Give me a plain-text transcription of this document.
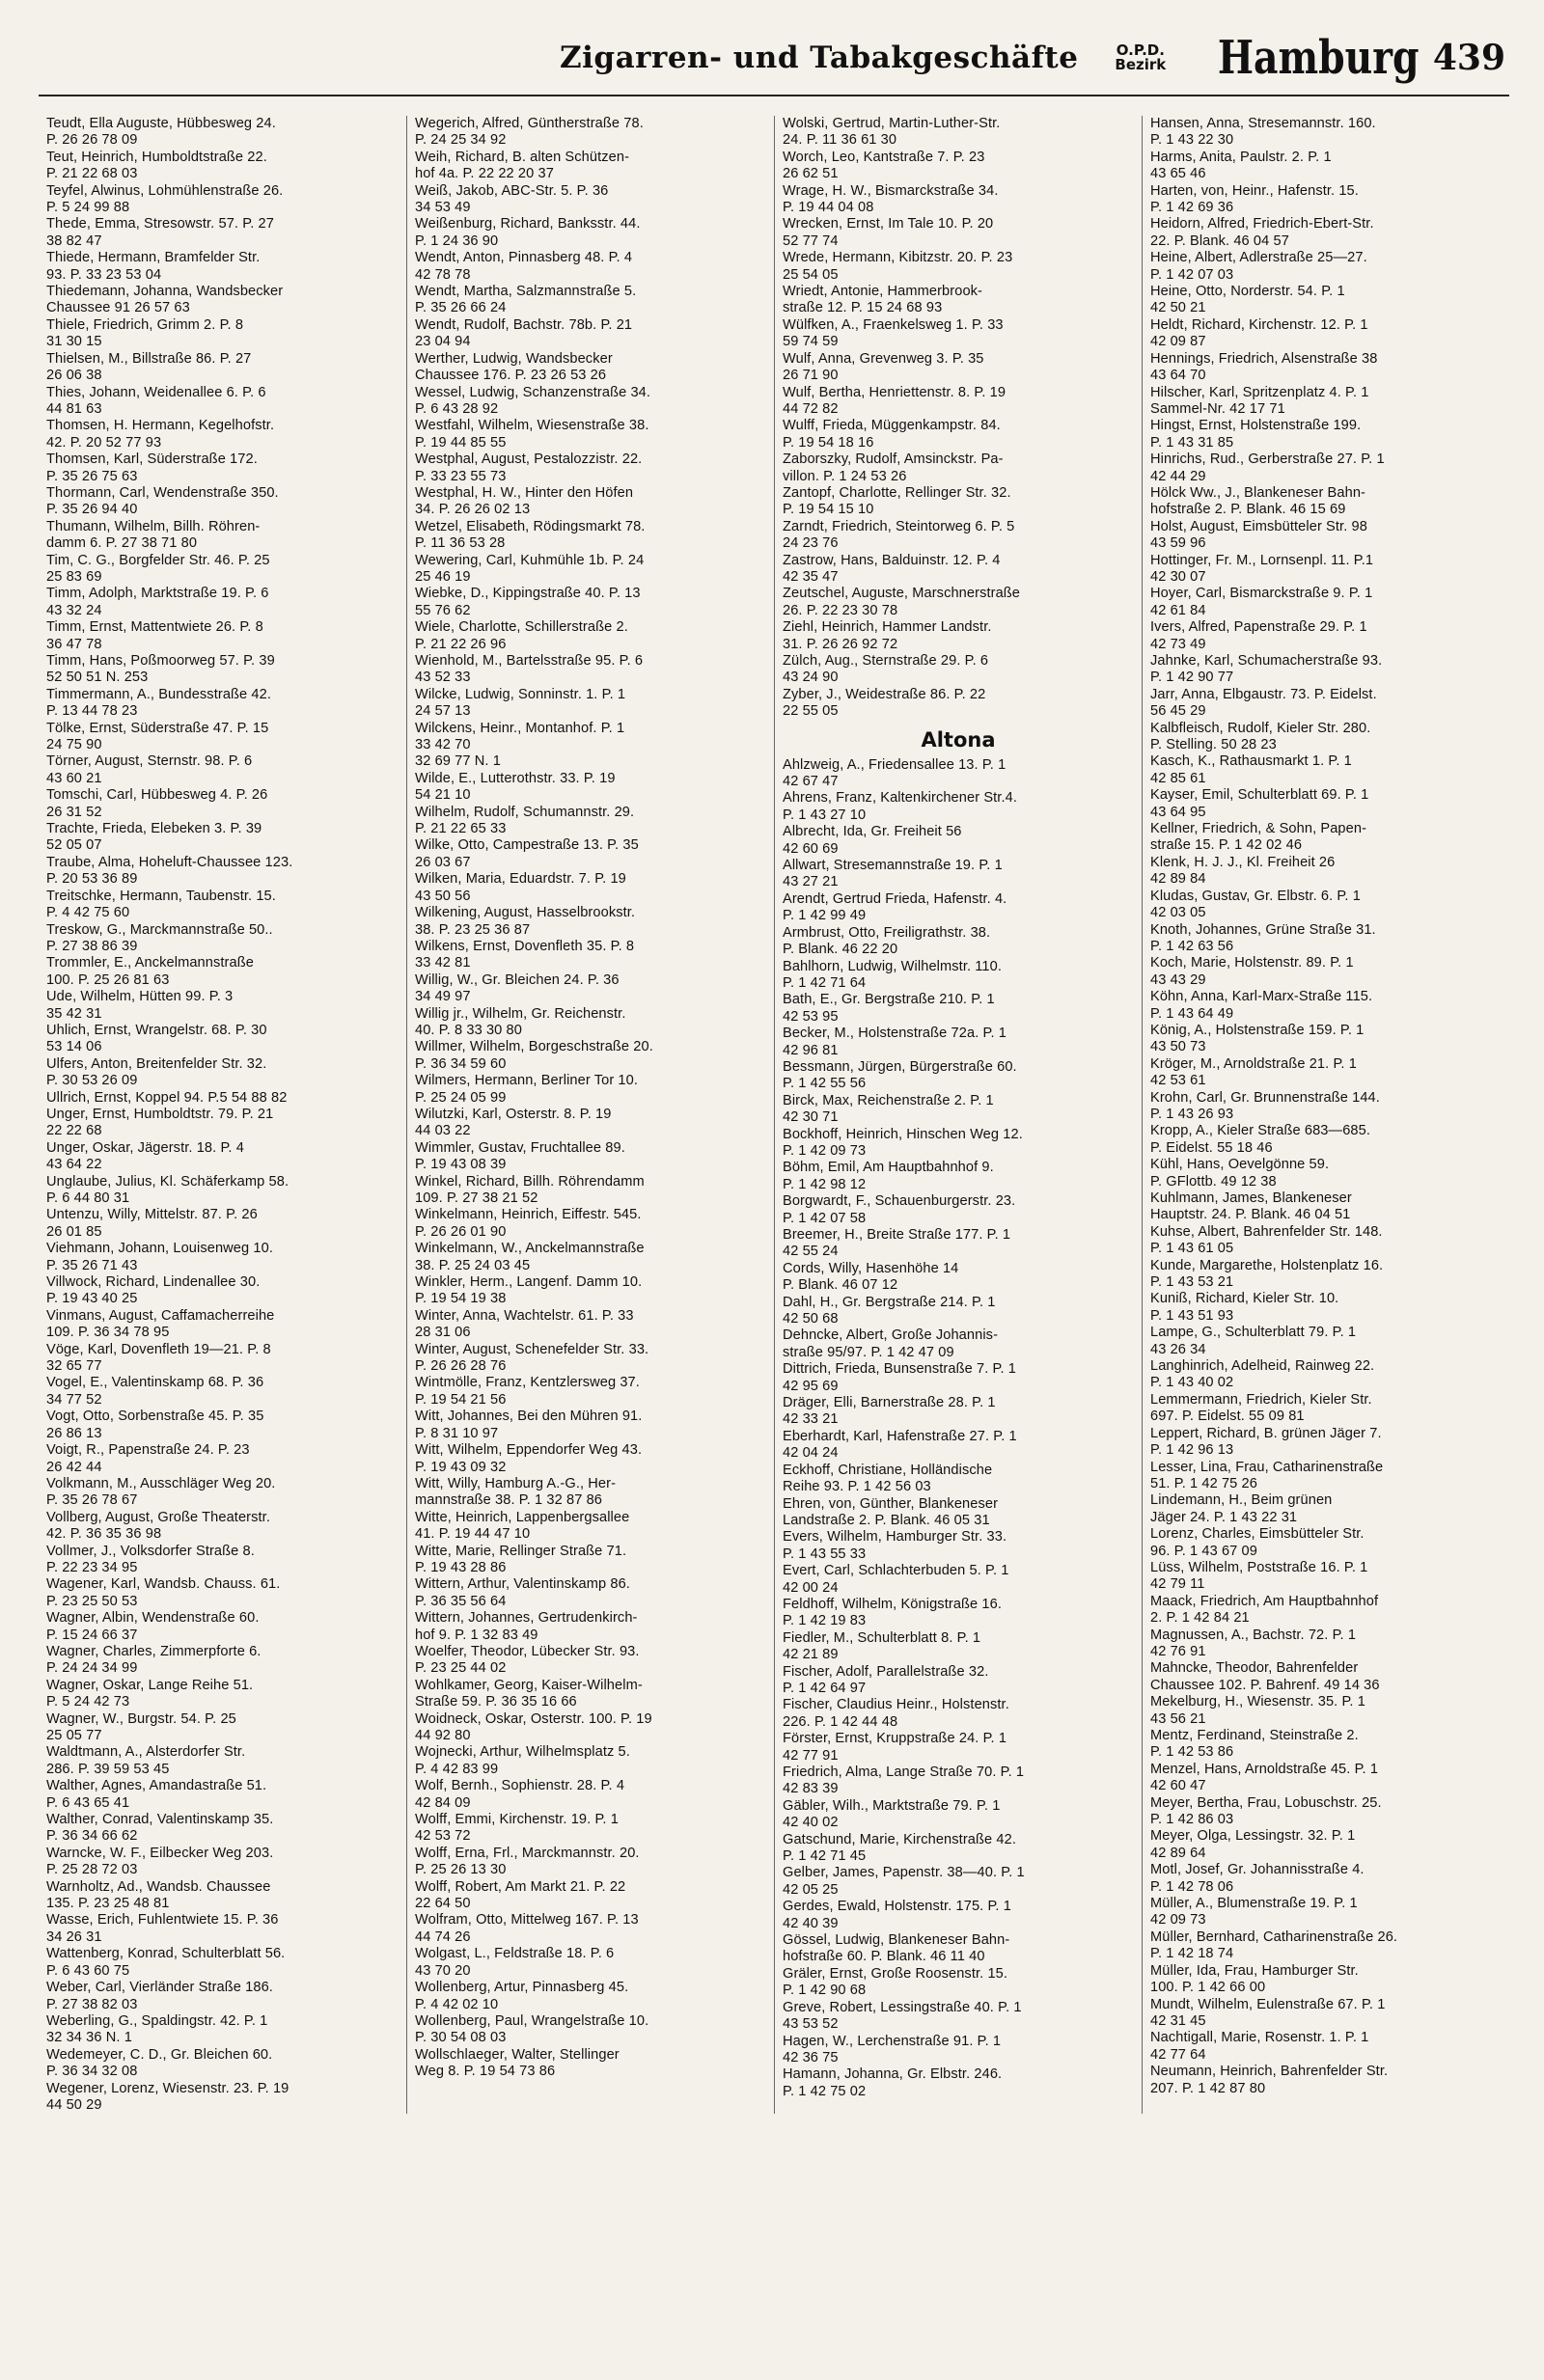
Zigarren- und Tabakgeschäfte	O.P.D.
Bezirk Hamburg 439

Teudt, Ella Auguste, Hübbesweg 24.
P. 26 26 78 09

Teut, Heinrich, Humboldtstraße 22.
P. 21 22 68 03

Teyfel, Alwinus, Lohmühlenstraße 26.
P. 5 24 99 88

Thede, Emma, Stresowstr. 57. P. 27
38 82 47

Thiede, Hermann, Bramfelder Str.
93. P. 33 23 53 04

Thiedemann, Johanna, Wandsbecker
Chaussee 91 26 57 63

Thiele, Friedrich, Grimm 2. P. 8
31 30 15

Thielsen, M., Billstraße 86. P. 27
26 06 38

Thies, Johann, Weidenallee 6. P. 6
44 81 63

Thomsen, H. Hermann, Kegelhofstr.
42. P. 20 52 77 93

Thomsen, Karl, Süderstraße 172.
P. 35 26 75 63

Thormann, Carl, Wendenstraße 350.
P. 35 26 94 40

Thumann, Wilhelm, Billh. Röhren-
damm 6. P. 27 38 71 80

Tim, C. G., Borgfelder Str. 46. P. 25
25 83 69

Timm, Adolph, Marktstraße 19. P. 6
43 32 24

Timm, Ernst, Mattentwiete 26. P. 8
36 47 78

Timm, Hans, Poßmoorweg 57. P. 39
52 50 51 N. 253

Timmermann, A., Bundesstraße 42.
P. 13 44 78 23

Tölke, Ernst, Süderstraße 47. P. 15
24 75 90

Törner, August, Sternstr. 98. P. 6
43 60 21

Tomschi, Carl, Hübbesweg 4. P. 26
26 31 52

Trachte, Frieda, Elebeken 3. P. 39
52 05 07

Traube, Alma, Hoheluft-Chaussee 123.
P. 20 53 36 89

Treitschke, Hermann, Taubenstr. 15.
P. 4 42 75 60

Treskow, G., Marckmannstraße 50..
P. 27 38 86 39

Trommler, E., Anckelmannstraße
100. P. 25 26 81 63

Ude, Wilhelm, Hütten 99. P. 3
35 42 31

Uhlich, Ernst, Wrangelstr. 68. P. 30
53 14 06

Ulfers, Anton, Breitenfelder Str. 32.
P. 30 53 26 09

Ullrich, Ernst, Koppel 94. P.5 54 88 82

Unger, Ernst, Humboldtstr. 79. P. 21
22 22 68

Unger, Oskar, Jägerstr. 18. P. 4
43 64 22

Unglaube, Julius, Kl. Schäferkamp 58.
P. 6 44 80 31

Untenzu, Willy, Mittelstr. 87. P. 26
26 01 85

Viehmann, Johann, Louisenweg 10.
P. 35 26 71 43

Villwock, Richard, Lindenallee 30.
P. 19 43 40 25

Vinmans, August, Caffamacherreihe
109. P. 36 34 78 95

Vöge, Karl, Dovenfleth 19—21. P. 8
32 65 77

Vogel, E., Valentinskamp 68. P. 36
34 77 52

Vogt, Otto, Sorbenstraße 45. P. 35
26 86 13

Voigt, R., Papenstraße 24. P. 23
26 42 44

Volkmann, M., Ausschläger Weg 20.
P. 35 26 78 67

Vollberg, August, Große Theaterstr.
42. P. 36 35 36 98

Vollmer, J., Volksdorfer Straße 8.
P. 22 23 34 95

Wagener, Karl, Wandsb. Chauss. 61.
P. 23 25 50 53

Wagner, Albin, Wendenstraße 60.
P. 15 24 66 37

Wagner, Charles, Zimmerpforte 6.
P. 24 24 34 99

Wagner, Oskar, Lange Reihe 51.
P. 5 24 42 73

Wagner, W., Burgstr. 54. P. 25
25 05 77

Waldtmann, A., Alsterdorfer Str.
286. P. 39 59 53 45

Walther, Agnes, Amandastraße 51.
P. 6 43 65 41

Walther, Conrad, Valentinskamp 35.
P. 36 34 66 62

Warncke, W. F., Eilbecker Weg 203.
P. 25 28 72 03

Warnholtz, Ad., Wandsb. Chaussee
135. P. 23 25 48 81

Wasse, Erich, Fuhlentwiete 15. P. 36
34 26 31

Wattenberg, Konrad, Schulterblatt 56.
P. 6 43 60 75

Weber, Carl, Vierländer Straße 186.
P. 27 38 82 03

Weberling, G., Spaldingstr. 42. P. 1
32 34 36 N. 1

Wedemeyer, C. D., Gr. Bleichen 60.
P. 36 34 32 08

Wegener, Lorenz, Wiesenstr. 23. P. 19
44 50 29

Wegerich, Alfred, Güntherstraße 78.
P. 24 25 34 92

Weih, Richard, B. alten Schützen-
hof 4a. P. 22 22 20 37

Weiß, Jakob, ABC-Str. 5. P. 36
34 53 49

Weißenburg, Richard, Banksstr. 44.
P. 1 24 36 90

Wendt, Anton, Pinnasberg 48. P. 4
42 78 78

Wendt, Martha, Salzmannstraße 5.
P. 35 26 66 24

Wendt, Rudolf, Bachstr. 78b. P. 21
23 04 94

Werther, Ludwig, Wandsbecker
Chaussee 176. P. 23 26 53 26

Wessel, Ludwig, Schanzenstraße 34.
P. 6 43 28 92

Westfahl, Wilhelm, Wiesenstraße 38.
P. 19 44 85 55

Westphal, August, Pestalozzistr. 22.
P. 33 23 55 73

Westphal, H. W., Hinter den Höfen
34. P. 26 26 02 13

Wetzel, Elisabeth, Rödingsmarkt 78.
P. 11 36 53 28

Wewering, Carl, Kuhmühle 1b. P. 24
25 46 19

Wiebke, D., Kippingstraße 40. P. 13
55 76 62

Wiele, Charlotte, Schillerstraße 2.
P. 21 22 26 96

Wienhold, M., Bartelsstraße 95. P. 6
43 52 33

Wilcke, Ludwig, Sonninstr. 1. P. 1
24 57 13

Wilckens, Heinr., Montanhof. P. 1
33 42 70
32 69 77 N. 1

Wilde, E., Lutterothstr. 33. P. 19
54 21 10

Wilhelm, Rudolf, Schumannstr. 29.
P. 21 22 65 33

Wilke, Otto, Campestraße 13. P. 35
26 03 67

Wilken, Maria, Eduardstr. 7. P. 19
43 50 56

Wilkening, August, Hasselbrookstr.
38. P. 23 25 36 87

Wilkens, Ernst, Dovenfleth 35. P. 8
33 42 81

Willig, W., Gr. Bleichen 24. P. 36
34 49 97

Willig jr., Wilhelm, Gr. Reichenstr.
40. P. 8 33 30 80

Willmer, Wilhelm, Borgeschstraße 20.
P. 36 34 59 60

Wilmers, Hermann, Berliner Tor 10.
P. 25 24 05 99

Wilutzki, Karl, Osterstr. 8. P. 19
44 03 22

Wimmler, Gustav, Fruchtallee 89.
P. 19 43 08 39

Winkel, Richard, Billh. Röhrendamm
109. P. 27 38 21 52

Winkelmann, Heinrich, Eiffestr. 545.
P. 26 26 01 90

Winkelmann, W., Anckelmannstraße
38. P. 25 24 03 45

Winkler, Herm., Langenf. Damm 10.
P. 19 54 19 38

Winter, Anna, Wachtelstr. 61. P. 33
28 31 06

Winter, August, Schenefelder Str. 33.
P. 26 26 28 76

Wintmölle, Franz, Kentzlersweg 37.
P. 19 54 21 56

Witt, Johannes, Bei den Mühren 91.
P. 8 31 10 97

Witt, Wilhelm, Eppendorfer Weg 43.
P. 19 43 09 32

Witt, Willy, Hamburg A.-G., Her-
mannstraße 38. P. 1 32 87 86

Witte, Heinrich, Lappenbergsallee
41. P. 19 44 47 10

Witte, Marie, Rellinger Straße 71.
P. 19 43 28 86

Wittern, Arthur, Valentinskamp 86.
P. 36 35 56 64

Wittern, Johannes, Gertrudenkirch-
hof 9. P. 1 32 83 49

Woelfer, Theodor, Lübecker Str. 93.
P. 23 25 44 02

Wohlkamer, Georg, Kaiser-Wilhelm-
Straße 59. P. 36 35 16 66

Woidneck, Oskar, Osterstr. 100. P. 19
44 92 80

Wojnecki, Arthur, Wilhelmsplatz 5.
P. 4 42 83 99

Wolf, Bernh., Sophienstr. 28. P. 4
42 84 09

Wolff, Emmi, Kirchenstr. 19. P. 1
42 53 72

Wolff, Erna, Frl., Marckmannstr. 20.
P. 25 26 13 30

Wolff, Robert, Am Markt 21. P. 22
22 64 50

Wolfram, Otto, Mittelweg 167. P. 13
44 74 26

Wolgast, L., Feldstraße 18. P. 6
43 70 20

Wollenberg, Artur, Pinnasberg 45.
P. 4 42 02 10

Wollenberg, Paul, Wrangelstraße 10.
P. 30 54 08 03

Wollschlaeger, Walter, Stellinger
Weg 8. P. 19 54 73 86

Wolski, Gertrud, Martin-Luther-Str.
24. P. 11 36 61 30

Worch, Leo, Kantstraße 7. P. 23
26 62 51

Wrage, H. W., Bismarckstraße 34.
P. 19 44 04 08

Wrecken, Ernst, Im Tale 10. P. 20
52 77 74

Wrede, Hermann, Kibitzstr. 20. P. 23
25 54 05

Wriedt, Antonie, Hammerbrook-
straße 12. P. 15 24 68 93

Wülfken, A., Fraenkelsweg 1. P. 33
59 74 59

Wulf, Anna, Grevenweg 3. P. 35
26 71 90

Wulf, Bertha, Henriettenstr. 8. P. 19
44 72 82

Wulff, Frieda, Müggenkampstr. 84.
P. 19 54 18 16

Zaborszky, Rudolf, Amsinckstr. Pa-
villon. P. 1 24 53 26

Zantopf, Charlotte, Rellinger Str. 32.
P. 19 54 15 10

Zarndt, Friedrich, Steintorweg 6. P. 5
24 23 76

Zastrow, Hans, Balduinstr. 12. P. 4
42 35 47

Zeutschel, Auguste, Marschnerstraße
26. P. 22 23 30 78

Ziehl, Heinrich, Hammer Landstr.
31. P. 26 26 92 72

Zülch, Aug., Sternstraße 29. P. 6
43 24 90

Zyber, J., Weidestraße 86. P. 22
22 55 05

Altona

Ahlzweig, A., Friedensallee 13. P. 1
42 67 47

Ahrens, Franz, Kaltenkirchener Str.4.
P. 1 43 27 10

Albrecht, Ida, Gr. Freiheit 56
42 60 69

Allwart, Stresemannstraße 19. P. 1
43 27 21

Arendt, Gertrud Frieda, Hafenstr. 4.
P. 1 42 99 49

Armbrust, Otto, Freiligrathstr. 38.
P. Blank. 46 22 20

Bahlhorn, Ludwig, Wilhelmstr. 110.
P. 1 42 71 64

Bath, E., Gr. Bergstraße 210. P. 1
42 53 95

Becker, M., Holstenstraße 72a. P. 1
42 96 81

Bessmann, Jürgen, Bürgerstraße 60.
P. 1 42 55 56

Birck, Max, Reichenstraße 2. P. 1
42 30 71

Bockhoff, Heinrich, Hinschen Weg 12.
P. 1 42 09 73

Böhm, Emil, Am Hauptbahnhof 9.
P. 1 42 98 12

Borgwardt, F., Schauenburgerstr. 23.
P. 1 42 07 58

Breemer, H., Breite Straße 177. P. 1
42 55 24

Cords, Willy, Hasenhöhe 14
P. Blank. 46 07 12

Dahl, H., Gr. Bergstraße 214. P. 1
42 50 68

Dehncke, Albert, Große Johannis-
straße 95/97. P. 1 42 47 09

Dittrich, Frieda, Bunsenstraße 7. P. 1
42 95 69

Dräger, Elli, Barnerstraße 28. P. 1
42 33 21

Eberhardt, Karl, Hafenstraße 27. P. 1
42 04 24

Eckhoff, Christiane, Holländische
Reihe 93. P. 1 42 56 03

Ehren, von, Günther, Blankeneser
Landstraße 2. P. Blank. 46 05 31

Evers, Wilhelm, Hamburger Str. 33.
P. 1 43 55 33

Evert, Carl, Schlachterbuden 5. P. 1
42 00 24

Feldhoff, Wilhelm, Königstraße 16.
P. 1 42 19 83

Fiedler, M., Schulterblatt 8. P. 1
42 21 89

Fischer, Adolf, Parallelstraße 32.
P. 1 42 64 97

Fischer, Claudius Heinr., Holstenstr.
226. P. 1 42 44 48

Förster, Ernst, Kruppstraße 24. P. 1
42 77 91

Friedrich, Alma, Lange Straße 70. P. 1
42 83 39

Gäbler, Wilh., Marktstraße 79. P. 1
42 40 02

Gatschund, Marie, Kirchenstraße 42.
P. 1 42 71 45

Gelber, James, Papenstr. 38—40. P. 1
42 05 25

Gerdes, Ewald, Holstenstr. 175. P. 1
42 40 39

Gössel, Ludwig, Blankeneser Bahn-
hofstraße 60. P. Blank. 46 11 40

Gräler, Ernst, Große Roosenstr. 15.
P. 1 42 90 68

Greve, Robert, Lessingstraße 40. P. 1
43 53 52

Hagen, W., Lerchenstraße 91. P. 1
42 36 75

Hamann, Johanna, Gr. Elbstr. 246.
P. 1 42 75 02

Hansen, Anna, Stresemannstr. 160.
P. 1 43 22 30

Harms, Anita, Paulstr. 2. P. 1
43 65 46

Harten, von, Heinr., Hafenstr. 15.
P. 1 42 69 36

Heidorn, Alfred, Friedrich-Ebert-Str.
22. P. Blank. 46 04 57

Heine, Albert, Adlerstraße 25—27.
P. 1 42 07 03

Heine, Otto, Norderstr. 54. P. 1
42 50 21

Heldt, Richard, Kirchenstr. 12. P. 1
42 09 87

Hennings, Friedrich, Alsenstraße 38
43 64 70

Hilscher, Karl, Spritzenplatz 4. P. 1
Sammel-Nr. 42 17 71

Hingst, Ernst, Holstenstraße 199.
P. 1 43 31 85

Hinrichs, Rud., Gerberstraße 27. P. 1
42 44 29

Hölck Ww., J., Blankeneser Bahn-
hofstraße 2. P. Blank. 46 15 69

Holst, August, Eimsbütteler Str. 98
43 59 96

Hottinger, Fr. M., Lornsenpl. 11. P.1
42 30 07

Hoyer, Carl, Bismarckstraße 9. P. 1
42 61 84

Ivers, Alfred, Papenstraße 29. P. 1
42 73 49

Jahnke, Karl, Schumacherstraße 93.
P. 1 42 90 77

Jarr, Anna, Elbgaustr. 73. P. Eidelst.
56 45 29

Kalbfleisch, Rudolf, Kieler Str. 280.
P. Stelling. 50 28 23

Kasch, K., Rathausmarkt 1. P. 1
42 85 61

Kayser, Emil, Schulterblatt 69. P. 1
43 64 95

Kellner, Friedrich, & Sohn, Papen-
straße 15. P. 1 42 02 46

Klenk, H. J. J., Kl. Freiheit 26
42 89 84

Kludas, Gustav, Gr. Elbstr. 6. P. 1
42 03 05

Knoth, Johannes, Grüne Straße 31.
P. 1 42 63 56

Koch, Marie, Holstenstr. 89. P. 1
43 43 29

Köhn, Anna, Karl-Marx-Straße 115.
P. 1 43 64 49

König, A., Holstenstraße 159. P. 1
43 50 73

Kröger, M., Arnoldstraße 21. P. 1
42 53 61

Krohn, Carl, Gr. Brunnenstraße 144.
P. 1 43 26 93

Kropp, A., Kieler Straße 683—685.
P. Eidelst. 55 18 46

Kühl, Hans, Oevelgönne 59.
P. GFlottb. 49 12 38

Kuhlmann, James, Blankeneser
Hauptstr. 24. P. Blank. 46 04 51

Kuhse, Albert, Bahrenfelder Str. 148.
P. 1 43 61 05

Kunde, Margarethe, Holstenplatz 16.
P. 1 43 53 21

Kuniß, Richard, Kieler Str. 10.
P. 1 43 51 93

Lampe, G., Schulterblatt 79. P. 1
43 26 34

Langhinrich, Adelheid, Rainweg 22.
P. 1 43 40 02

Lemmermann, Friedrich, Kieler Str.
697. P. Eidelst. 55 09 81

Leppert, Richard, B. grünen Jäger 7.
P. 1 42 96 13

Lesser, Lina, Frau, Catharinenstraße
51. P. 1 42 75 26

Lindemann, H., Beim grünen
Jäger 24. P. 1 43 22 31

Lorenz, Charles, Eimsbütteler Str.
96. P. 1 43 67 09

Lüss, Wilhelm, Poststraße 16. P. 1
42 79 11

Maack, Friedrich, Am Hauptbahnhof
2. P. 1 42 84 21

Magnussen, A., Bachstr. 72. P. 1
42 76 91

Mahncke, Theodor, Bahrenfelder
Chaussee 102. P. Bahrenf. 49 14 36

Mekelburg, H., Wiesenstr. 35. P. 1
43 56 21

Mentz, Ferdinand, Steinstraße 2.
P. 1 42 53 86

Menzel, Hans, Arnoldstraße 45. P. 1
42 60 47

Meyer, Bertha, Frau, Lobuschstr. 25.
P. 1 42 86 03

Meyer, Olga, Lessingstr. 32. P. 1
42 89 64

Motl, Josef, Gr. Johannisstraße 4.
P. 1 42 78 06

Müller, A., Blumenstraße 19. P. 1
42 09 73

Müller, Bernhard, Catharinenstraße 26.
P. 1 42 18 74

Müller, Ida, Frau, Hamburger Str.
100. P. 1 42 66 00

Mundt, Wilhelm, Eulenstraße 67. P. 1
42 31 45

Nachtigall, Marie, Rosenstr. 1. P. 1
42 77 64

Neumann, Heinrich, Bahrenfelder Str.
207. P. 1 42 87 80
